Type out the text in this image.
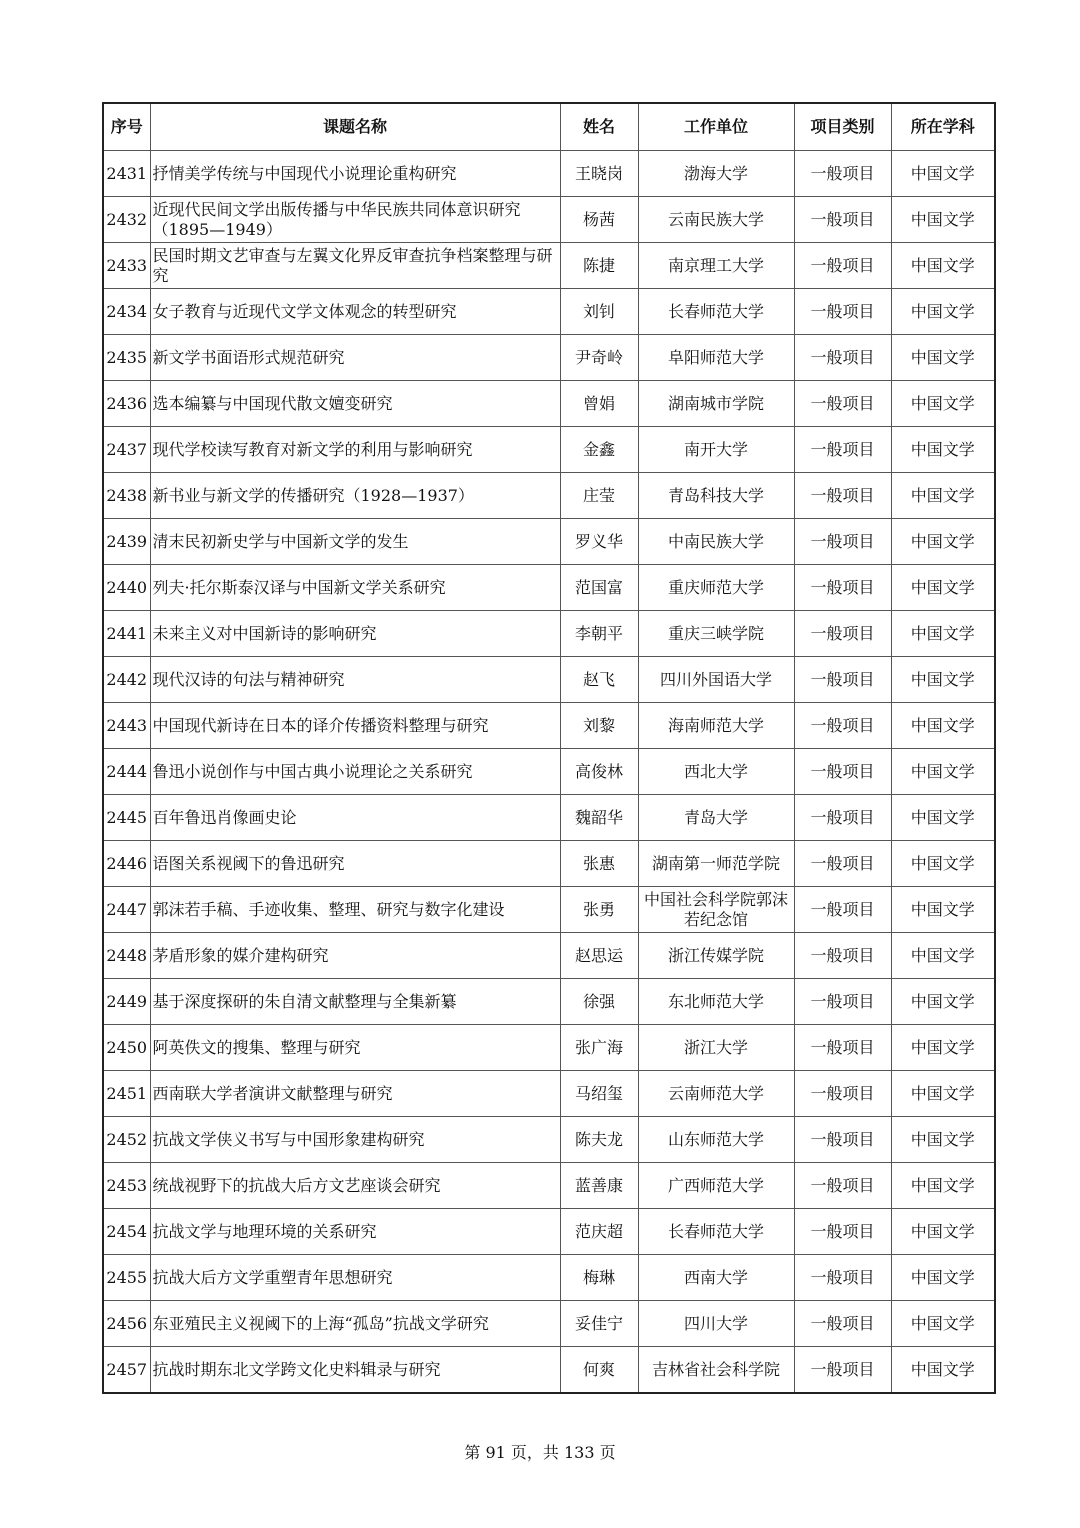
序号	课题名称	姓名	工作单位	项目类别	所在学科
2431	抒情美学传统与中国现代小说理论重构研究	王晓岗	渤海大学	一般项目	中国文学
2432	近现代民间文学出版传播与中华民族共同体意识研究（1895—1949）	杨茜	云南民族大学	一般项目	中国文学
2433	民国时期文艺审查与左翼文化界反审查抗争档案整理与研究	陈捷	南京理工大学	一般项目	中国文学
2434	女子教育与近现代文学文体观念的转型研究	刘钊	长春师范大学	一般项目	中国文学
2435	新文学书面语形式规范研究	尹奇岭	阜阳师范大学	一般项目	中国文学
2436	选本编纂与中国现代散文嬗变研究	曾娟	湖南城市学院	一般项目	中国文学
2437	现代学校读写教育对新文学的利用与影响研究	金鑫	南开大学	一般项目	中国文学
2438	新书业与新文学的传播研究（1928—1937）	庄莹	青岛科技大学	一般项目	中国文学
2439	清末民初新史学与中国新文学的发生	罗义华	中南民族大学	一般项目	中国文学
2440	列夫·托尔斯泰汉译与中国新文学关系研究	范国富	重庆师范大学	一般项目	中国文学
2441	未来主义对中国新诗的影响研究	李朝平	重庆三峡学院	一般项目	中国文学
2442	现代汉诗的句法与精神研究	赵飞	四川外国语大学	一般项目	中国文学
2443	中国现代新诗在日本的译介传播资料整理与研究	刘黎	海南师范大学	一般项目	中国文学
2444	鲁迅小说创作与中国古典小说理论之关系研究	高俊林	西北大学	一般项目	中国文学
2445	百年鲁迅肖像画史论	魏韶华	青岛大学	一般项目	中国文学
2446	语图关系视阈下的鲁迅研究	张惠	湖南第一师范学院	一般项目	中国文学
2447	郭沫若手稿、手迹收集、整理、研究与数字化建设	张勇	中国社会科学院郭沫若纪念馆	一般项目	中国文学
2448	茅盾形象的媒介建构研究	赵思运	浙江传媒学院	一般项目	中国文学
2449	基于深度探研的朱自清文献整理与全集新纂	徐强	东北师范大学	一般项目	中国文学
2450	阿英佚文的搜集、整理与研究	张广海	浙江大学	一般项目	中国文学
2451	西南联大学者演讲文献整理与研究	马绍玺	云南师范大学	一般项目	中国文学
2452	抗战文学侠义书写与中国形象建构研究	陈夫龙	山东师范大学	一般项目	中国文学
2453	统战视野下的抗战大后方文艺座谈会研究	蓝善康	广西师范大学	一般项目	中国文学
2454	抗战文学与地理环境的关系研究	范庆超	长春师范大学	一般项目	中国文学
2455	抗战大后方文学重塑青年思想研究	梅琳	西南大学	一般项目	中国文学
2456	东亚殖民主义视阈下的上海“孤岛”抗战文学研究	妥佳宁	四川大学	一般项目	中国文学
2457	抗战时期东北文学跨文化史料辑录与研究	何爽	吉林省社会科学院	一般项目	中国文学
第 91 页，共 133 页
